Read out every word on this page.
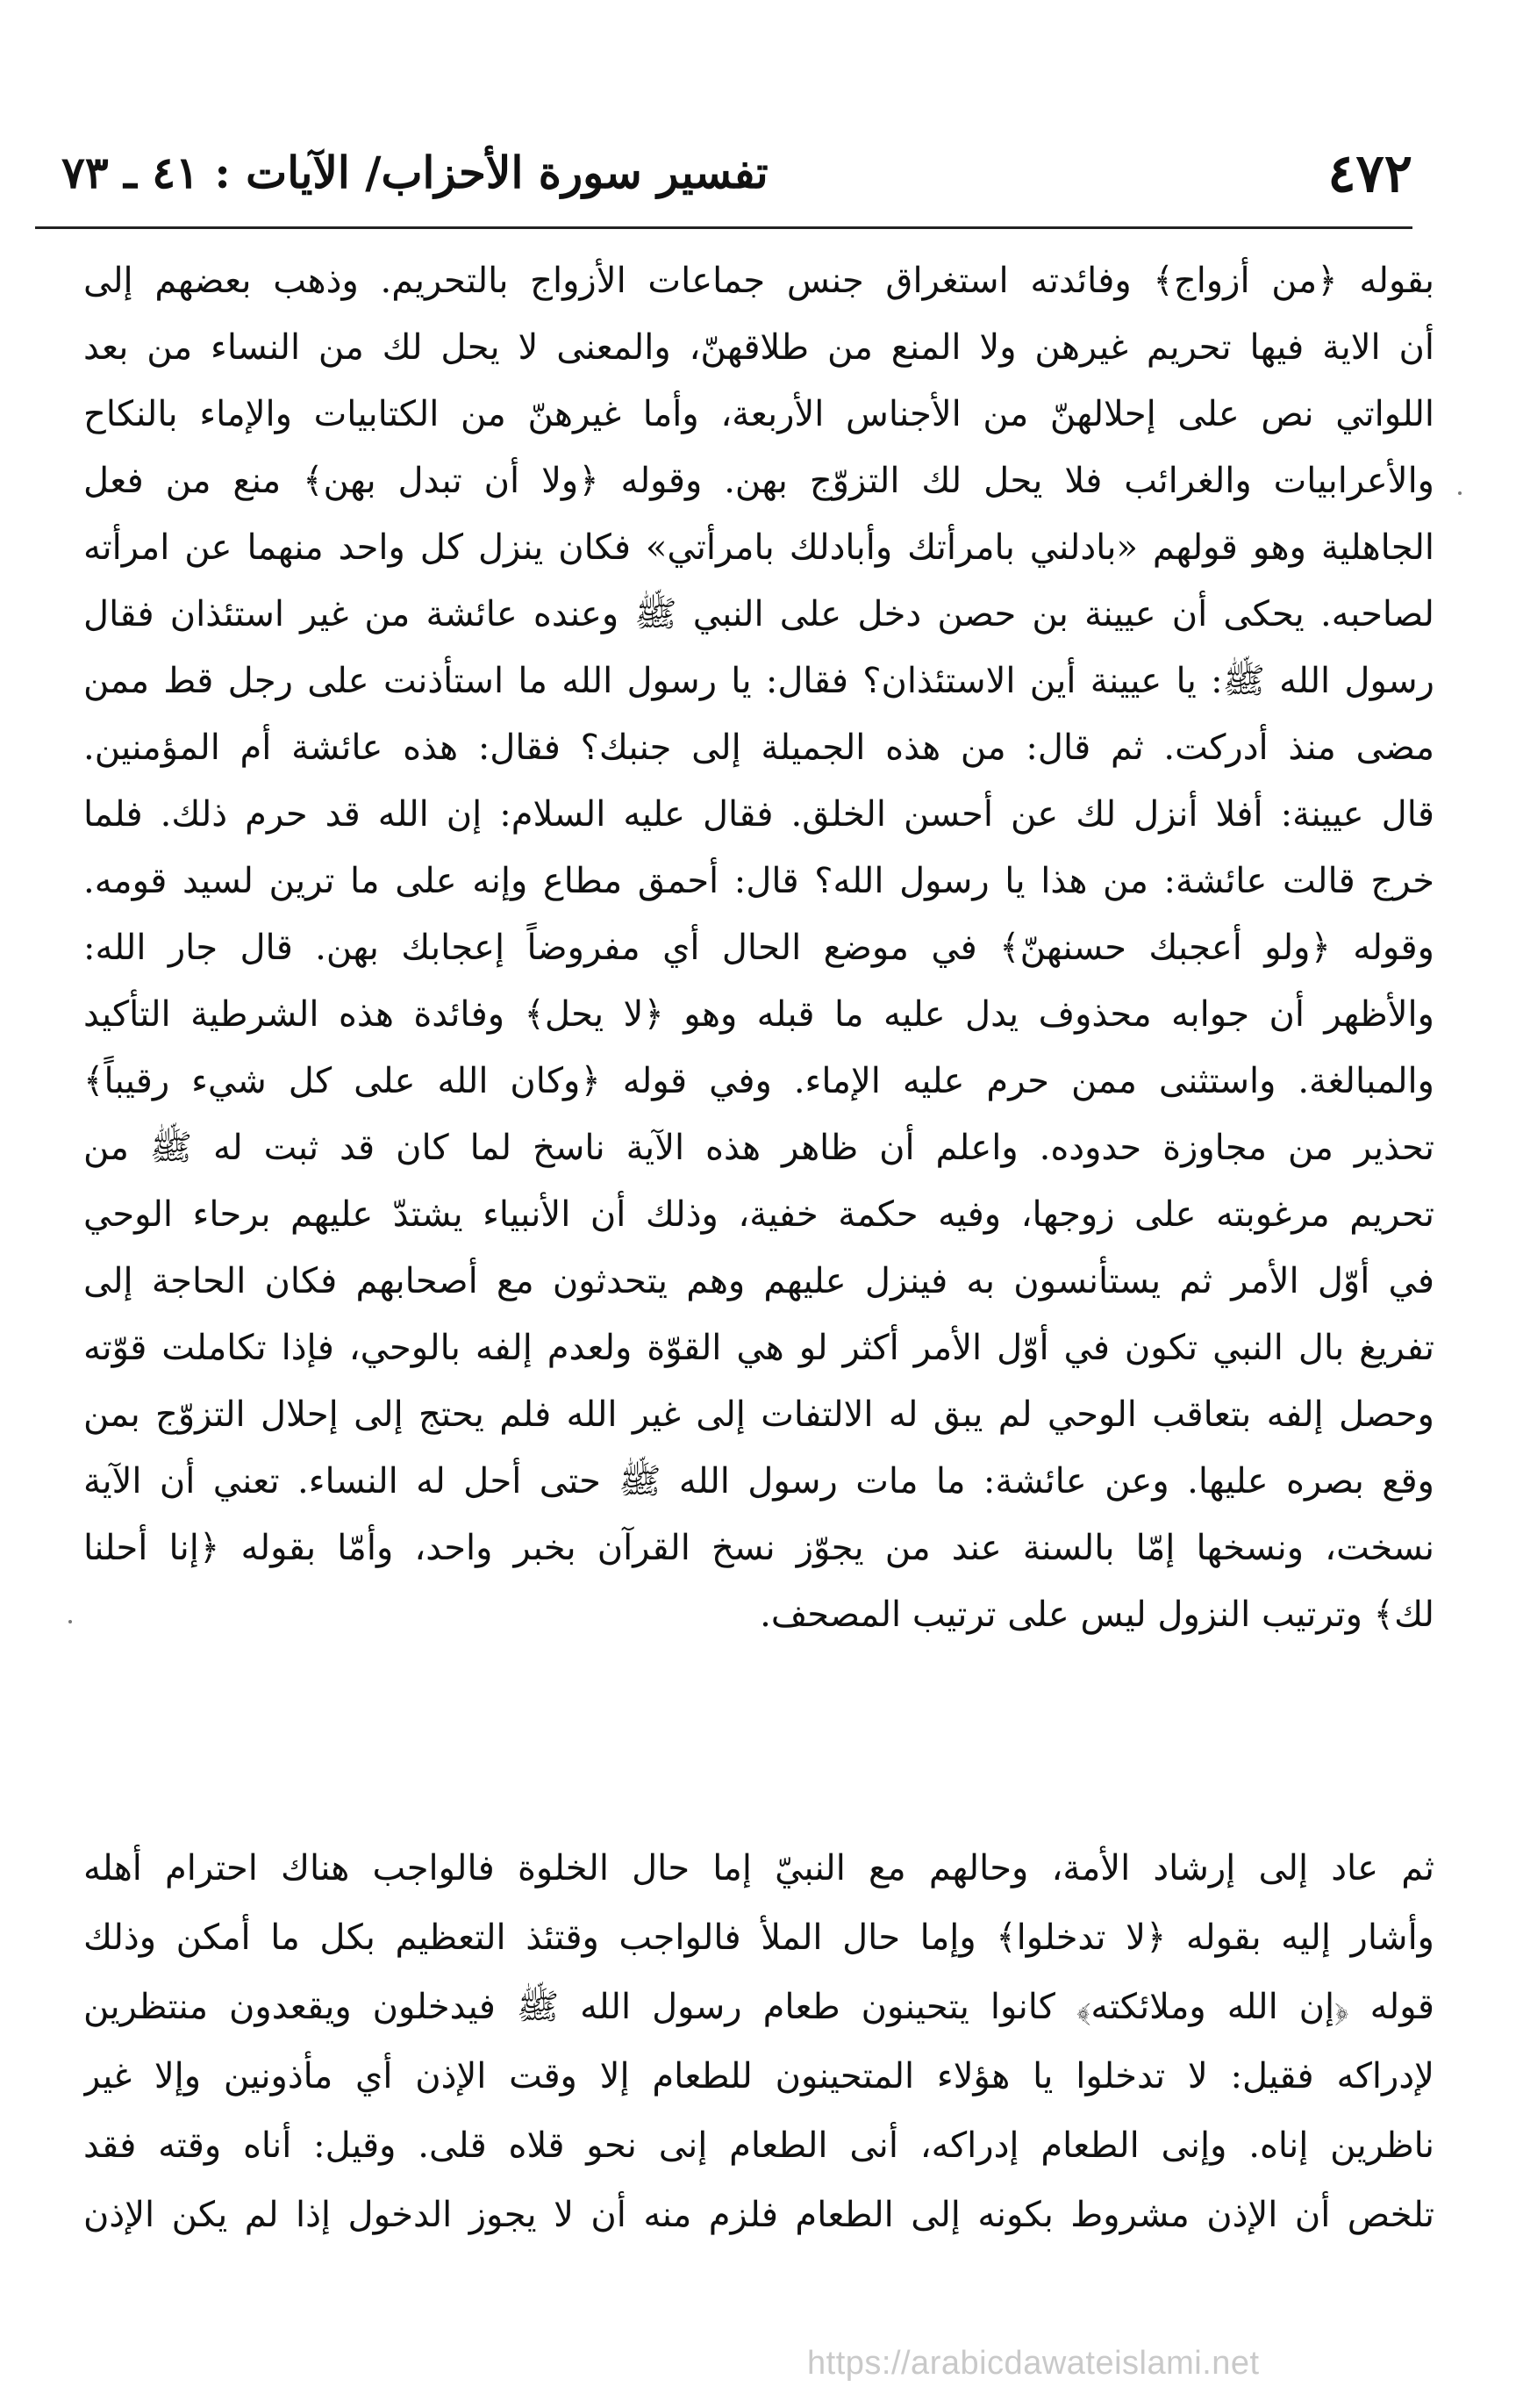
٤٧٢
تفسير سورة الأحزاب/ الآيات : ٤١ ـ ٧٣
بقوله ﴿من أزواج﴾ وفائدته استغراق جنس جماعات الأزواج بالتحريم. وذهب بعضهم إلى
أن الاية فيها تحريم غيرهن ولا المنع من طلاقهنّ، والمعنى لا يحل لك من النساء من بعد
اللواتي نص على إحلالهنّ من الأجناس الأربعة، وأما غيرهنّ من الكتابيات والإماء بالنكاح
والأعرابيات والغرائب فلا يحل لك التزوّج بهن. وقوله ﴿ولا أن تبدل بهن﴾ منع من فعل
الجاهلية وهو قولهم «بادلني بامرأتك وأبادلك بامرأتي» فكان ينزل كل واحد منهما عن امرأته
لصاحبه. يحكى أن عيينة بن حصن دخل على النبي ﷺ وعنده عائشة من غير استئذان فقال
رسول الله ﷺ: يا عيينة أين الاستئذان؟ فقال: يا رسول الله ما استأذنت على رجل قط ممن
مضى منذ أدركت. ثم قال: من هذه الجميلة إلى جنبك؟ فقال: هذه عائشة أم المؤمنين.
قال عيينة: أفلا أنزل لك عن أحسن الخلق. فقال عليه السلام: إن الله قد حرم ذلك. فلما
خرج قالت عائشة: من هذا يا رسول الله؟ قال: أحمق مطاع وإنه على ما ترين لسيد قومه.
وقوله ﴿ولو أعجبك حسنهنّ﴾ في موضع الحال أي مفروضاً إعجابك بهن. قال جار الله:
والأظهر أن جوابه محذوف يدل عليه ما قبله وهو ﴿لا يحل﴾ وفائدة هذه الشرطية التأكيد
والمبالغة. واستثنى ممن حرم عليه الإماء. وفي قوله ﴿وكان الله على كل شيء رقيباً﴾
تحذير من مجاوزة حدوده. واعلم أن ظاهر هذه الآية ناسخ لما كان قد ثبت له ﷺ من
تحريم مرغوبته على زوجها، وفيه حكمة خفية، وذلك أن الأنبياء يشتدّ عليهم برحاء الوحي
في أوّل الأمر ثم يستأنسون به فينزل عليهم وهم يتحدثون مع أصحابهم فكان الحاجة إلى
تفريغ بال النبي تكون في أوّل الأمر أكثر لو هي القوّة ولعدم إلفه بالوحي، فإذا تكاملت قوّته
وحصل إلفه بتعاقب الوحي لم يبق له الالتفات إلى غير الله فلم يحتج إلى إحلال التزوّج بمن
وقع بصره عليها. وعن عائشة: ما مات رسول الله ﷺ حتى أحل له النساء. تعني أن الآية
نسخت، ونسخها إمّا بالسنة عند من يجوّز نسخ القرآن بخبر واحد، وأمّا بقوله ﴿إنا أحلنا
لك﴾ وترتيب النزول ليس على ترتيب المصحف.
ثم عاد إلى إرشاد الأمة، وحالهم مع النبيّ إما حال الخلوة فالواجب هناك احترام أهله
وأشار إليه بقوله ﴿لا تدخلوا﴾ وإما حال الملأ فالواجب وقتئذ التعظيم بكل ما أمكن وذلك
قوله ﴿إن الله وملائكته﴾ كانوا يتحينون طعام رسول الله ﷺ فيدخلون ويقعدون منتظرين
لإدراكه فقيل: لا تدخلوا يا هؤلاء المتحينون للطعام إلا وقت الإذن أي مأذونين وإلا غير
ناظرين إناه. وإنى الطعام إدراكه، أنى الطعام إنى نحو قلاه قلى. وقيل: أناه وقته فقد
تلخص أن الإذن مشروط بكونه إلى الطعام فلزم منه أن لا يجوز الدخول إذا لم يكن الإذن
https://arabicdawateislami.net
